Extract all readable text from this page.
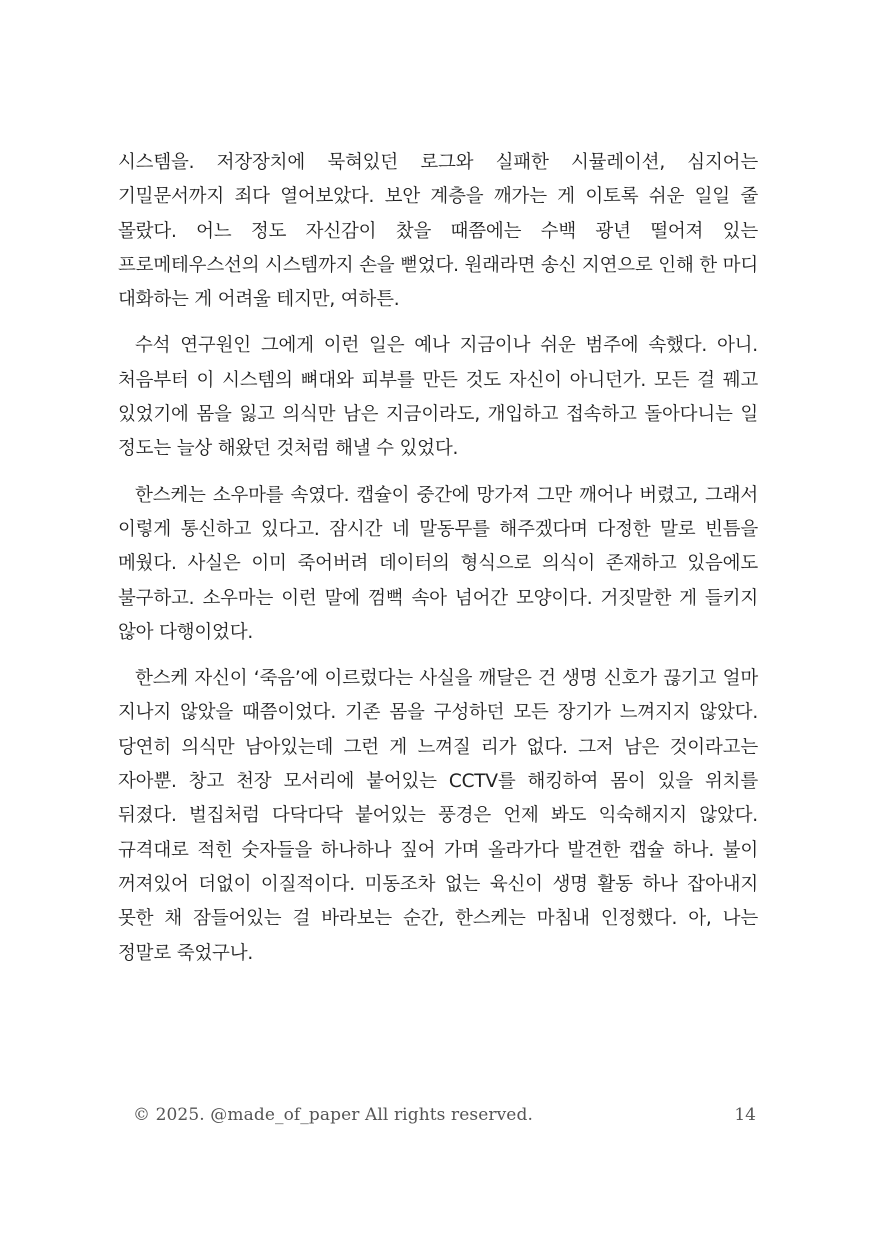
시스템을. 저장장치에 묵혀있던 로그와 실패한 시뮬레이션, 심지어는 기밀문서까지 죄다 열어보았다. 보안 계층을 깨가는 게 이토록 쉬운 일일 줄 몰랐다. 어느 정도 자신감이 찼을 때쯤에는 수백 광년 떨어져 있는 프로메테우스선의 시스템까지 손을 뻗었다. 원래라면 송신 지연으로 인해 한 마디 대화하는 게 어려울 테지만, 여하튼.

수석 연구원인 그에게 이런 일은 예나 지금이나 쉬운 범주에 속했다. 아니. 처음부터 이 시스템의 뼈대와 피부를 만든 것도 자신이 아니던가. 모든 걸 꿰고 있었기에 몸을 잃고 의식만 남은 지금이라도, 개입하고 접속하고 돌아다니는 일 정도는 늘상 해왔던 것처럼 해낼 수 있었다.

한스케는 소우마를 속였다. 캡슐이 중간에 망가져 그만 깨어나 버렸고, 그래서 이렇게 통신하고 있다고. 잠시간 네 말동무를 해주겠다며 다정한 말로 빈틈을 메웠다. 사실은 이미 죽어버려 데이터의 형식으로 의식이 존재하고 있음에도 불구하고. 소우마는 이런 말에 껌뻑 속아 넘어간 모양이다. 거짓말한 게 들키지 않아 다행이었다.

한스케 자신이 ‘죽음’에 이르렀다는 사실을 깨달은 건 생명 신호가 끊기고 얼마 지나지 않았을 때쯤이었다. 기존 몸을 구성하던 모든 장기가 느껴지지 않았다. 당연히 의식만 남아있는데 그런 게 느껴질 리가 없다. 그저 남은 것이라고는 자아뿐. 창고 천장 모서리에 붙어있는 CCTV를 해킹하여 몸이 있을 위치를 뒤졌다. 벌집처럼 다닥다닥 붙어있는 풍경은 언제 봐도 익숙해지지 않았다. 규격대로 적힌 숫자들을 하나하나 짚어 가며 올라가다 발견한 캡슐 하나. 불이 꺼져있어 더없이 이질적이다. 미동조차 없는 육신이 생명 활동 하나 잡아내지 못한 채 잠들어있는 걸 바라보는 순간, 한스케는 마침내 인정했다. 아, 나는 정말로 죽었구나.

© 2025. @made_of_paper All rights reserved.	14
